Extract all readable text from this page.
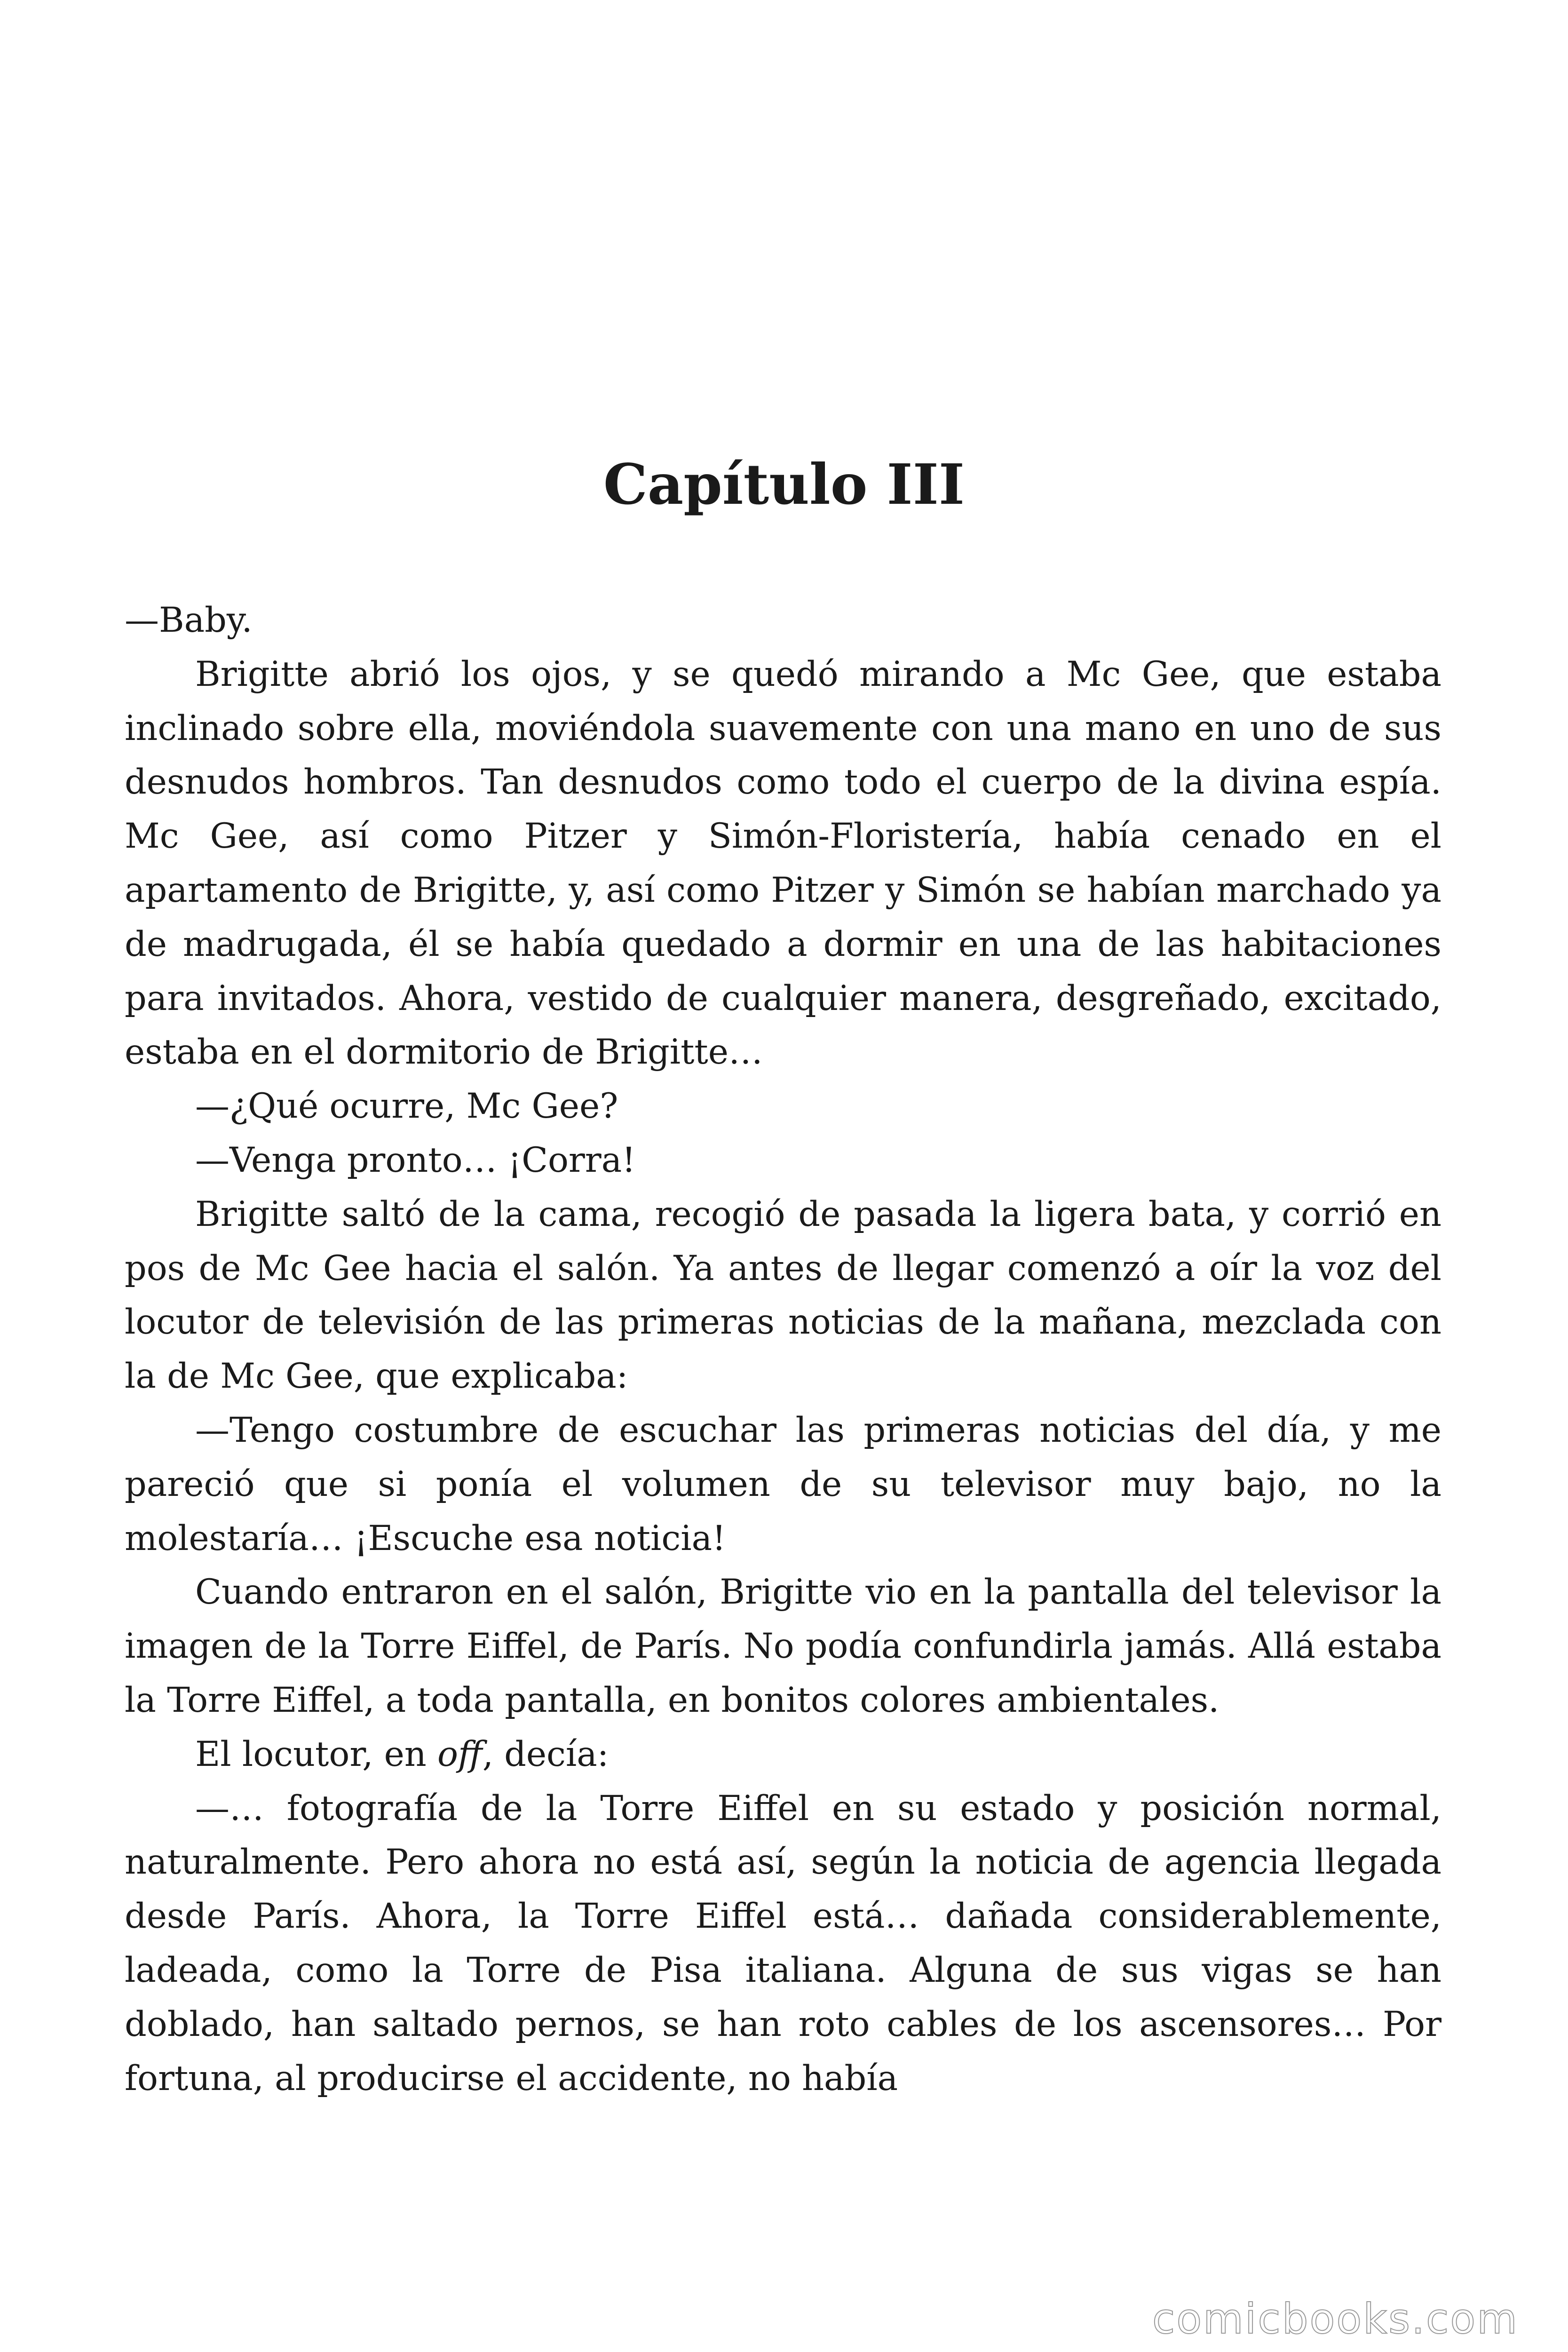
Capítulo III

—Baby.

Brigitte abrió los ojos, y se quedó mirando a Mc Gee, que estaba inclinado sobre ella, moviéndola suavemente con una mano en uno de sus desnudos hombros. Tan desnudos como todo el cuerpo de la divina espía. Mc Gee, así como Pitzer y Simón-Floristería, había cenado en el apartamento de Brigitte, y, así como Pitzer y Simón se habían marchado ya de madrugada, él se había quedado a dormir en una de las habitaciones para invitados. Ahora, vestido de cualquier manera, desgreñado, excitado, estaba en el dormitorio de Brigitte…

—¿Qué ocurre, Mc Gee?

—Venga pronto… ¡Corra!

Brigitte saltó de la cama, recogió de pasada la ligera bata, y corrió en pos de Mc Gee hacia el salón. Ya antes de llegar comenzó a oír la voz del locutor de televisión de las primeras noticias de la mañana, mezclada con la de Mc Gee, que explicaba:

—Tengo costumbre de escuchar las primeras noticias del día, y me pareció que si ponía el volumen de su televisor muy bajo, no la molestaría… ¡Escuche esa noticia!

Cuando entraron en el salón, Brigitte vio en la pantalla del televisor la imagen de la Torre Eiffel, de París. No podía confundirla jamás. Allá estaba la Torre Eiffel, a toda pantalla, en bonitos colores ambientales.

El locutor, en off, decía:

—… fotografía de la Torre Eiffel en su estado y posición normal, naturalmente. Pero ahora no está así, según la noticia de agencia llegada desde París. Ahora, la Torre Eiffel está… dañada considerablemente, ladeada, como la Torre de Pisa italiana. Alguna de sus vigas se han doblado, han saltado pernos, se han roto cables de los ascensores… Por fortuna, al producirse el accidente, no había

comicbooks.com
